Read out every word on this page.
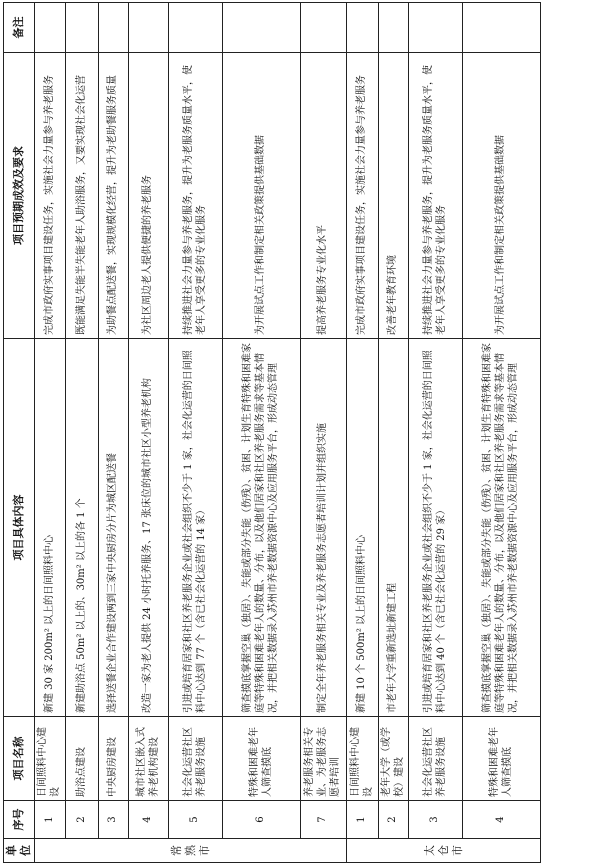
单位	序号	项目名称	项目具体内容	项目预期成效及要求	备注
常熟市	1	日间照料中心建设	新建 30 家 200m² 以上的日间照料中心	完成市政府实事项目建设任务，实施社会力量参与养老服务	
	2	助浴点建设	新建助浴点 50m² 以上的、30m² 以上的各 1 个	既能满足失能半失能老年人助浴服务，又要实现社会化运营	
	3	中央厨房建设	选择送餐企业合作建设两到三家中央厨房分片为城区配送餐	为助餐点配送餐，实现规模化经营，提升为老助餐服务质量	
	4	城市社区嵌入式养老机构建设	改造一家为老人提供 24 小时托养服务、17 张床位的城市社区小型养老机构	为社区周边老人提供便捷的养老服务	
	5	社会化运营社区养老服务设施	引进或培育居家和社区养老服务企业或社会组织不少于 1 家，社会化运营的日间照料中心达到 77 个（含已社会化运营的 14 家）	持续推进社会力量参与养老服务，提升为老服务质量水平，使老年人享受更多的专业化服务	
	6	特殊和困难老年人筛查摸底	筛查摸底掌握空巢（独居）、失能或部分失能（伤残）、贫困、计划生育特殊和困难家庭等特殊和困难老年人的数量、分布，以及他们居家和社区养老服务需求等基本情况，并把相关数据录入苏州市养老数据资源中心及应用服务平台，形成动态管理	为开展试点工作和制定相关政策提供基础数据	
	7	养老服务相关专业、为老服务志愿者培训	制定全年养老服务相关专业及养老服务志愿者培训计划并组织实施	提高养老服务专业化水平	
太仓市	1	日间照料中心建设	新建 10 个 500m² 以上的日间照料中心	完成市政府实事项目建设任务，实施社会力量参与养老服务	
	2	老年大学（或学校）建设	市老年大学重新选址新建工程	改善老年教育环境	
	3	社会化运营社区养老服务设施	引进或培育居家和社区养老服务企业或社会组织不少于 1 家，社会化运营的日间照料中心达到 40 个（含已社会化运营的 29 家）	持续推进社会力量参与养老服务，提升为老服务质量水平，使老年人享受更多的专业化服务	
	4	特殊和困难老年人筛查摸底	筛查摸底掌握空巢（独居）、失能或部分失能（伤残）、贫困、计划生育特殊和困难家庭等特殊和困难老年人的数量、分布，以及他们居家和社区养老服务需求等基本情况，并把相关数据录入苏州市养老数据资源中心及应用服务平台，形成动态管理	为开展试点工作和制定相关政策提供基础数据	
